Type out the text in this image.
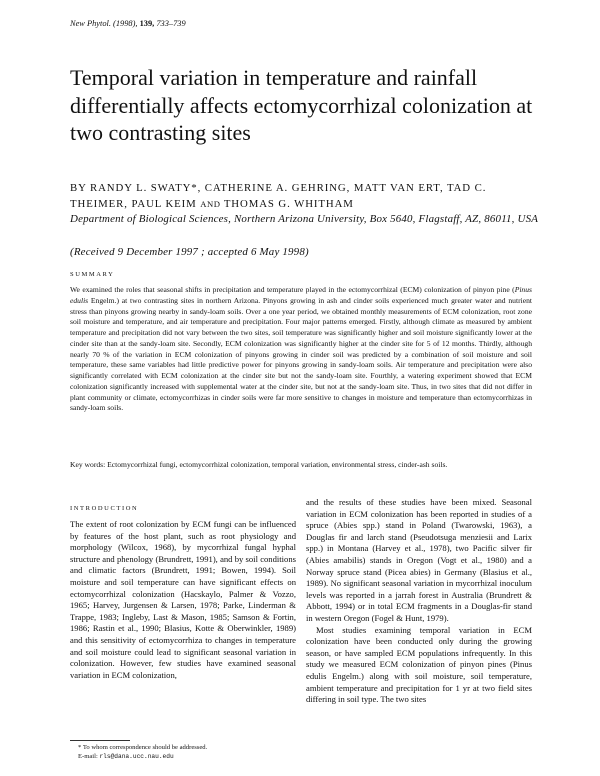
New Phytol. (1998), 139, 733–739
Temporal variation in temperature and rainfall differentially affects ectomycorrhizal colonization at two contrasting sites
BY RANDY L. SWATY*, CATHERINE A. GEHRING, MATT VAN ERT, TAD C. THEIMER, PAUL KEIM AND THOMAS G. WHITHAM
Department of Biological Sciences, Northern Arizona University, Box 5640, Flagstaff, AZ, 86011, USA
(Received 9 December 1997 ; accepted 6 May 1998)
SUMMARY

We examined the roles that seasonal shifts in precipitation and temperature played in the ectomycorrhizal (ECM) colonization of pinyon pine (Pinus edulis Engelm.) at two contrasting sites in northern Arizona. Pinyons growing in ash and cinder soils experienced much greater water and nutrient stress than pinyons growing nearby in sandy-loam soils. Over a one year period, we obtained monthly measurements of ECM colonization, root zone soil moisture and temperature, and air temperature and precipitation. Four major patterns emerged. Firstly, although climate as measured by ambient temperature and precipitation did not vary between the two sites, soil temperature was significantly higher and soil moisture significantly lower at the cinder site than at the sandy-loam site. Secondly, ECM colonization was significantly higher at the cinder site for 5 of 12 months. Thirdly, although nearly 70 % of the variation in ECM colonization of pinyons growing in cinder soil was predicted by a combination of soil moisture and soil temperature, these same variables had little predictive power for pinyons growing in sandy-loam soils. Air temperature and precipitation were also significantly correlated with ECM colonization at the cinder site but not the sandy-loam site. Fourthly, a watering experiment showed that ECM colonization significantly increased with supplemental water at the cinder site, but not at the sandy-loam site. Thus, in two sites that did not differ in plant community or climate, ectomycorrhizas in cinder soils were far more sensitive to changes in moisture and temperature than ectomycorrhizas in sandy-loam soils.

Key words: Ectomycorrhizal fungi, ectomycorrhizal colonization, temporal variation, environmental stress, cinder-ash soils.

INTRODUCTION

The extent of root colonization by ECM fungi can be influenced by features of the host plant, such as root physiology and morphology (Wilcox, 1968), by mycorrhizal fungal hyphal structure and phenology (Brundrett, 1991), and by soil conditions and climatic factors (Brundrett, 1991; Bowen, 1994). Soil moisture and soil temperature can have significant effects on ectomycorrhizal colonization (Hacskaylo, Palmer & Vozzo, 1965; Harvey, Jurgensen & Larsen, 1978; Parke, Linderman & Trappe, 1983; Ingleby, Last & Mason, 1985; Samson & Fortin, 1986; Rastin et al., 1990; Blasius, Kotte & Oberwinkler, 1989) and this sensitivity of ectomycorrhiza to changes in temperature and soil moisture could lead to significant seasonal variation in colonization. However, few studies have examined seasonal variation in ECM colonization,

and the results of these studies have been mixed. Seasonal variation in ECM colonization has been reported in studies of a spruce (Abies spp.) stand in Poland (Twarowski, 1963), a Douglas fir and larch stand (Pseudotsuga menziesii and Larix spp.) in Montana (Harvey et al., 1978), two Pacific silver fir (Abies amabilis) stands in Oregon (Vogt et al., 1980) and a Norway spruce stand (Picea abies) in Germany (Blasius et al., 1989). No significant seasonal variation in mycorrhizal inoculum levels was reported in a jarrah forest in Australia (Brundrett & Abbott, 1994) or in total ECM fragments in a Douglas-fir stand in western Oregon (Fogel & Hunt, 1979).
Most studies examining temporal variation in ECM colonization have been conducted only during the growing season, or have sampled ECM populations infrequently. In this study we measured ECM colonization of pinyon pines (Pinus edulis Engelm.) along with soil moisture, soil temperature, ambient temperature and precipitation for 1 yr at two field sites differing in soil type. The two sites
* To whom correspondence should be addressed.
E-mail: rls@dana.ucc.nau.edu
